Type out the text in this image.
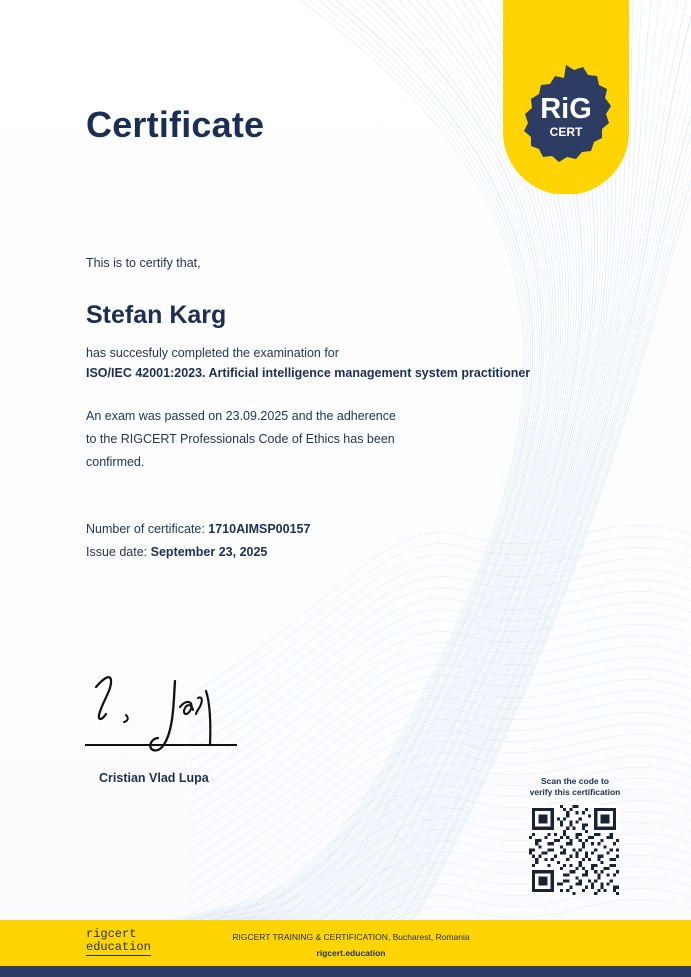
RiG
CERT
Certificate
This is to certify that,
Stefan Karg
has succesfuly completed the examination for
ISO/IEC 42001:2023. Artificial intelligence management system practitioner
An exam was passed on 23.09.2025 and the adherence
to the RIGCERT Professionals Code of Ethics has been
confirmed.
Number of certificate: 1710AIMSP00157
Issue date: September 23, 2025
Cristian Vlad Lupa	Scan the code to
verify this certification
rigcert
education
RIGCERT TRAINING & CERTIFICATION, Bucharest, Romania
rigcert.education
